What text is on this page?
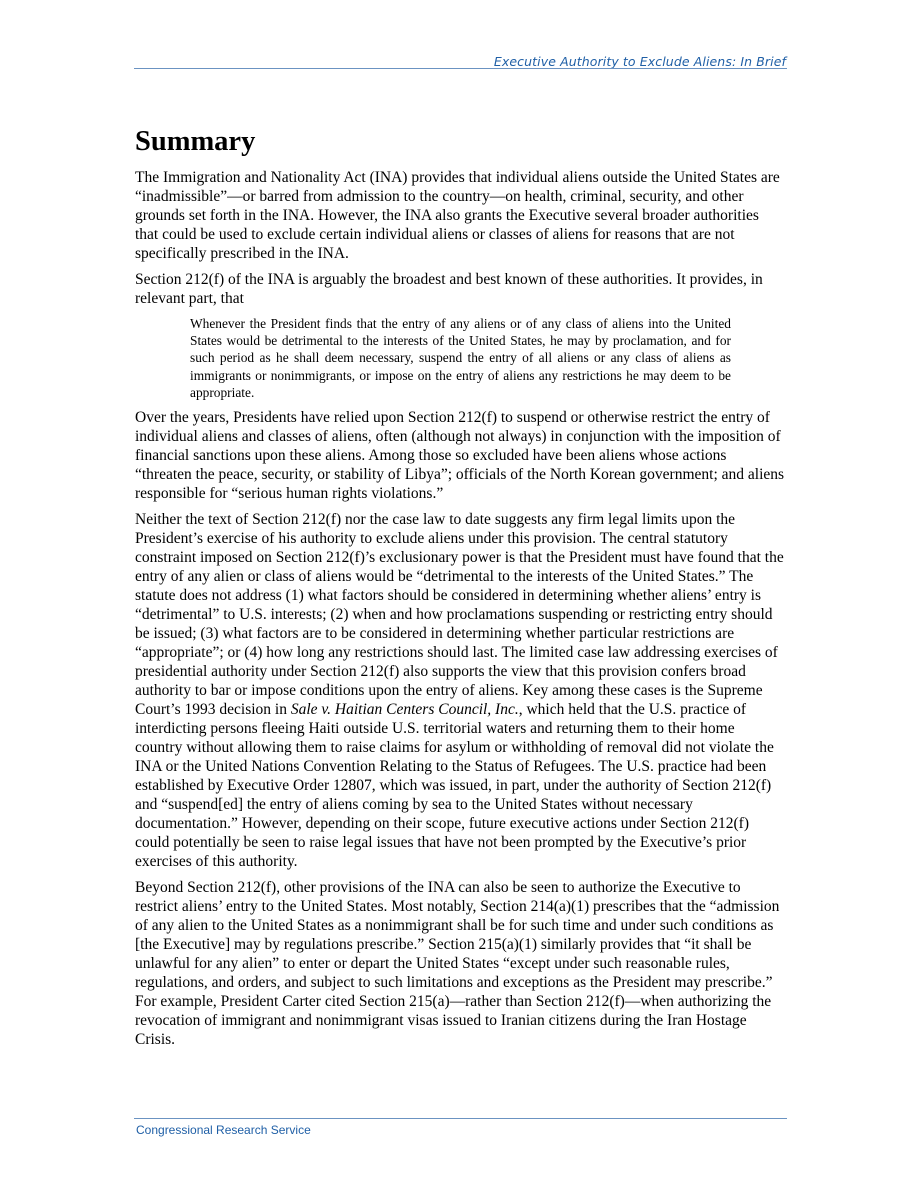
Executive Authority to Exclude Aliens: In Brief
Summary

The Immigration and Nationality Act (INA) provides that individual aliens outside the United States are “inadmissible”—or barred from admission to the country—on health, criminal, security, and other grounds set forth in the INA. However, the INA also grants the Executive several broader authorities that could be used to exclude certain individual aliens or classes of aliens for reasons that are not specifically prescribed in the INA.

Section 212(f) of the INA is arguably the broadest and best known of these authorities. It provides, in relevant part, that

Whenever the President finds that the entry of any aliens or of any class of aliens into the United States would be detrimental to the interests of the United States, he may by proclamation, and for such period as he shall deem necessary, suspend the entry of all aliens or any class of aliens as immigrants or nonimmigrants, or impose on the entry of aliens any restrictions he may deem to be appropriate.

Over the years, Presidents have relied upon Section 212(f) to suspend or otherwise restrict the entry of individual aliens and classes of aliens, often (although not always) in conjunction with the imposition of financial sanctions upon these aliens. Among those so excluded have been aliens whose actions “threaten the peace, security, or stability of Libya”; officials of the North Korean government; and aliens responsible for “serious human rights violations.”

Neither the text of Section 212(f) nor the case law to date suggests any firm legal limits upon the President’s exercise of his authority to exclude aliens under this provision. The central statutory constraint imposed on Section 212(f)’s exclusionary power is that the President must have found that the entry of any alien or class of aliens would be “detrimental to the interests of the United States.” The statute does not address (1) what factors should be considered in determining whether aliens’ entry is “detrimental” to U.S. interests; (2) when and how proclamations suspending or restricting entry should be issued; (3) what factors are to be considered in determining whether particular restrictions are “appropriate”; or (4) how long any restrictions should last. The limited case law addressing exercises of presidential authority under Section 212(f) also supports the view that this provision confers broad authority to bar or impose conditions upon the entry of aliens. Key among these cases is the Supreme Court’s 1993 decision in Sale v. Haitian Centers Council, Inc., which held that the U.S. practice of interdicting persons fleeing Haiti outside U.S. territorial waters and returning them to their home country without allowing them to raise claims for asylum or withholding of removal did not violate the INA or the United Nations Convention Relating to the Status of Refugees. The U.S. practice had been established by Executive Order 12807, which was issued, in part, under the authority of Section 212(f) and “suspend[ed] the entry of aliens coming by sea to the United States without necessary documentation.” However, depending on their scope, future executive actions under Section 212(f) could potentially be seen to raise legal issues that have not been prompted by the Executive’s prior exercises of this authority.

Beyond Section 212(f), other provisions of the INA can also be seen to authorize the Executive to restrict aliens’ entry to the United States. Most notably, Section 214(a)(1) prescribes that the “admission of any alien to the United States as a nonimmigrant shall be for such time and under such conditions as [the Executive] may by regulations prescribe.” Section 215(a)(1) similarly provides that “it shall be unlawful for any alien” to enter or depart the United States “except under such reasonable rules, regulations, and orders, and subject to such limitations and exceptions as the President may prescribe.” For example, President Carter cited Section 215(a)—rather than Section 212(f)—when authorizing the revocation of immigrant and nonimmigrant visas issued to Iranian citizens during the Iran Hostage Crisis.

Congressional Research Service
